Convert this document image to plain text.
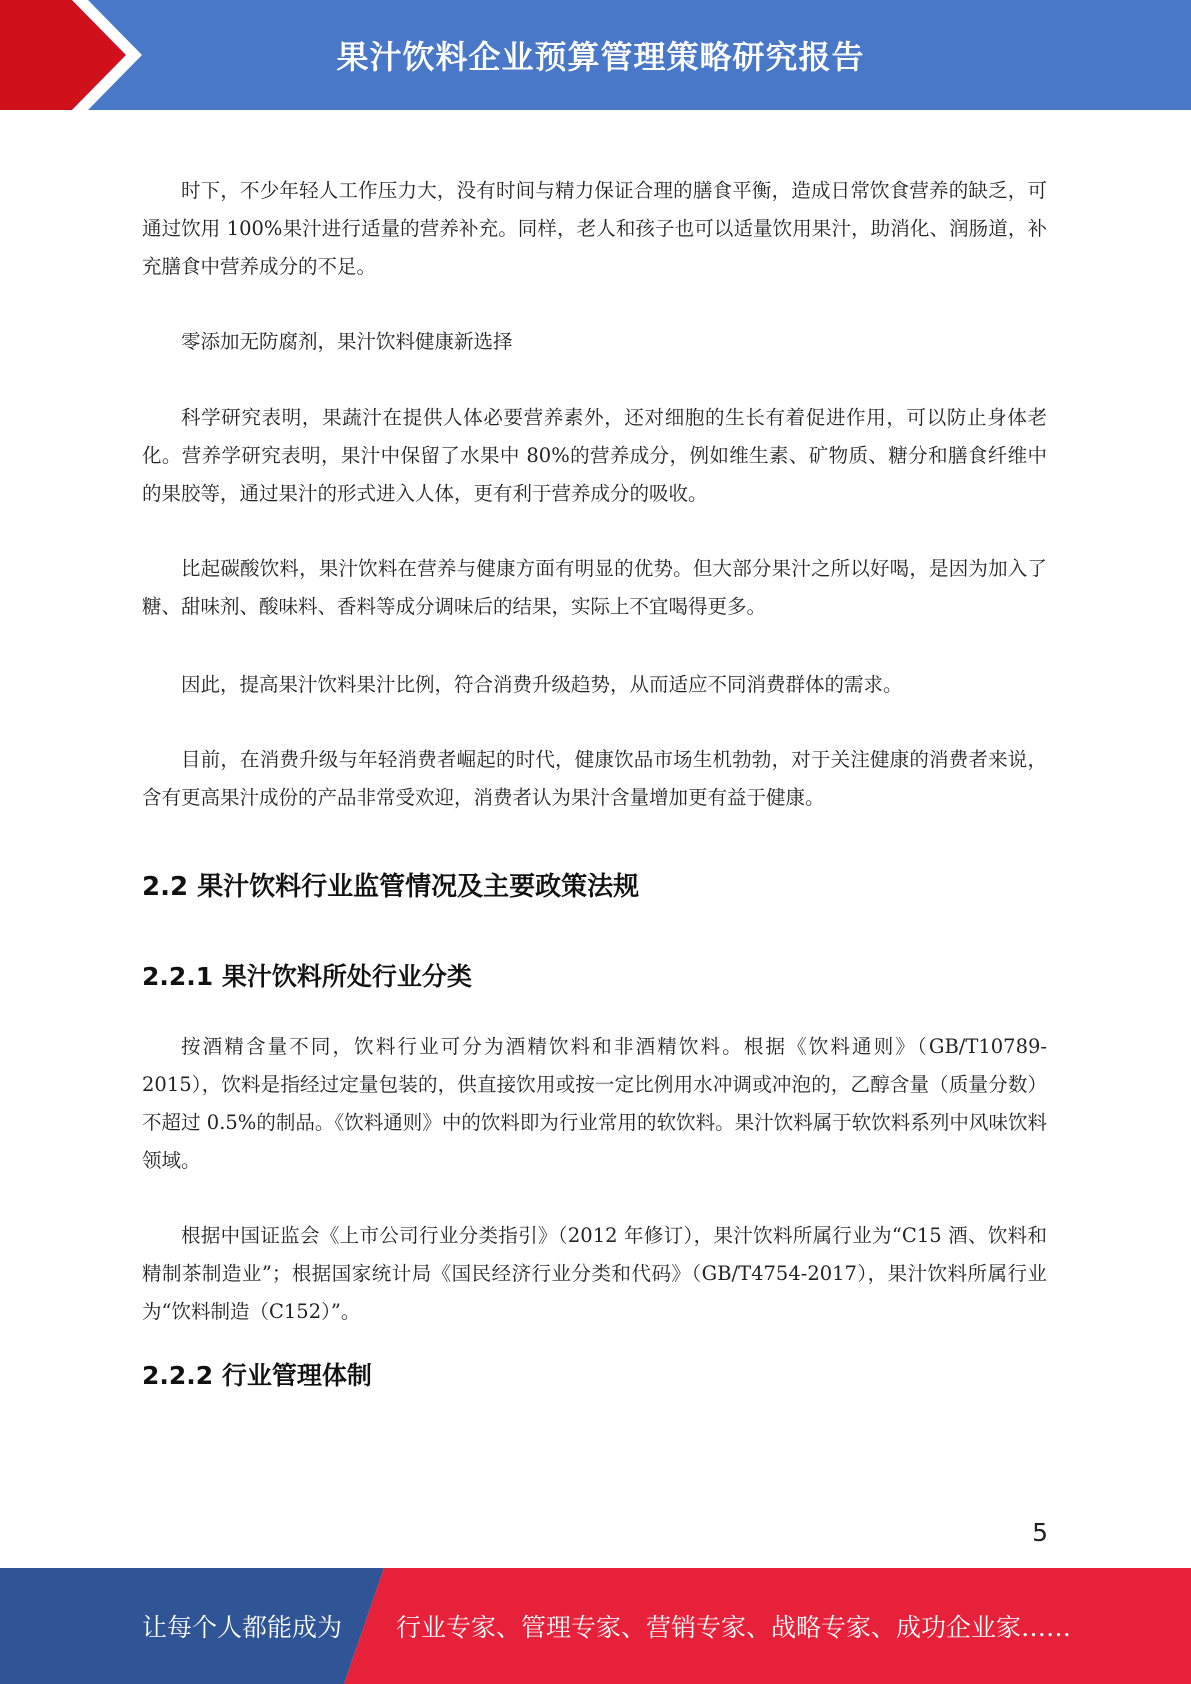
果汁饮料企业预算管理策略研究报告

时下，不少年轻人工作压力大，没有时间与精力保证合理的膳食平衡，造成日常饮食营养的缺乏，可通过饮用 100%果汁进行适量的营养补充。同样，老人和孩子也可以适量饮用果汁，助消化、润肠道，补充膳食中营养成分的不足。

零添加无防腐剂，果汁饮料健康新选择

科学研究表明，果蔬汁在提供人体必要营养素外，还对细胞的生长有着促进作用，可以防止身体老化。营养学研究表明，果汁中保留了水果中 80%的营养成分，例如维生素、矿物质、糖分和膳食纤维中的果胶等，通过果汁的形式进入人体，更有利于营养成分的吸收。

比起碳酸饮料，果汁饮料在营养与健康方面有明显的优势。但大部分果汁之所以好喝，是因为加入了糖、甜味剂、酸味料、香料等成分调味后的结果，实际上不宜喝得更多。

因此，提高果汁饮料果汁比例，符合消费升级趋势，从而适应不同消费群体的需求。

目前，在消费升级与年轻消费者崛起的时代，健康饮品市场生机勃勃，对于关注健康的消费者来说，含有更高果汁成份的产品非常受欢迎，消费者认为果汁含量增加更有益于健康。

2.2 果汁饮料行业监管情况及主要政策法规
2.2.1 果汁饮料所处行业分类

按酒精含量不同，饮料行业可分为酒精饮料和非酒精饮料。根据《饮料通则》（GB/T10789-2015），饮料是指经过定量包装的，供直接饮用或按一定比例用水冲调或冲泡的，乙醇含量（质量分数）不超过 0.5%的制品。《饮料通则》中的饮料即为行业常用的软饮料。果汁饮料属于软饮料系列中风味饮料领域。

根据中国证监会《上市公司行业分类指引》（2012 年修订），果汁饮料所属行业为“C15 酒、饮料和精制茶制造业”；根据国家统计局《国民经济行业分类和代码》（GB/T4754-2017），果汁饮料所属行业为“饮料制造（C152）”。

2.2.2 行业管理体制
5
让每个人都能成为 行业专家、管理专家、营销专家、战略专家、成功企业家……
